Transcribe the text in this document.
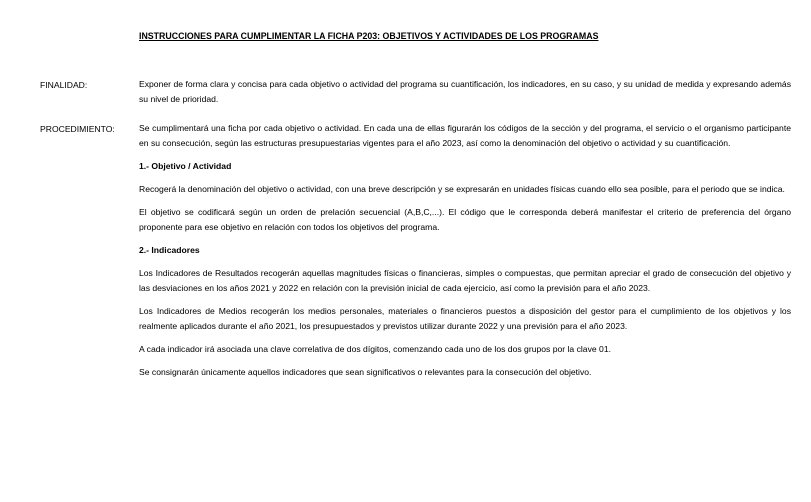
INSTRUCCIONES PARA CUMPLIMENTAR LA FICHA P203: OBJETIVOS Y ACTIVIDADES DE LOS PROGRAMAS
FINALIDAD:	Exponer de forma clara y concisa para cada objetivo o actividad del programa su cuantificación, los indicadores, en su caso, y su unidad de medida y expresando además su nivel de prioridad.

PROCEDIMIENTO:	Se cumplimentará una ficha por cada objetivo o actividad. En cada una de ellas figurarán los códigos de la sección y del programa, el servicio o el organismo participante en su consecución, según las estructuras presupuestarias vigentes para el año 2023, así como la denominación del objetivo o actividad y su cuantificación.

1.- Objetivo / Actividad

Recogerá la denominación del objetivo o actividad, con una breve descripción y se expresarán en unidades físicas cuando ello sea posible, para el periodo que se indica.

El objetivo se codificará según un orden de prelación secuencial (A,B,C,...). El código que le corresponda deberá manifestar el criterio de preferencia del órgano proponente para ese objetivo en relación con todos los objetivos del programa.

2.- Indicadores

Los Indicadores de Resultados recogerán aquellas magnitudes físicas o financieras, simples o compuestas, que permitan apreciar el grado de consecución del objetivo y las desviaciones en los años 2021 y 2022 en relación con la previsión inicial de cada ejercicio, así como la previsión para el año 2023.

Los Indicadores de Medios recogerán los medios personales, materiales o financieros puestos a disposición del gestor para el cumplimiento de los objetivos y los realmente aplicados durante el año 2021, los presupuestados y previstos utilizar durante 2022 y una previsión para el año 2023.

A cada indicador irá asociada una clave correlativa de dos dígitos, comenzando cada uno de los dos grupos por la clave 01.

Se consignarán únicamente aquellos indicadores que sean significativos o relevantes para la consecución del objetivo.
